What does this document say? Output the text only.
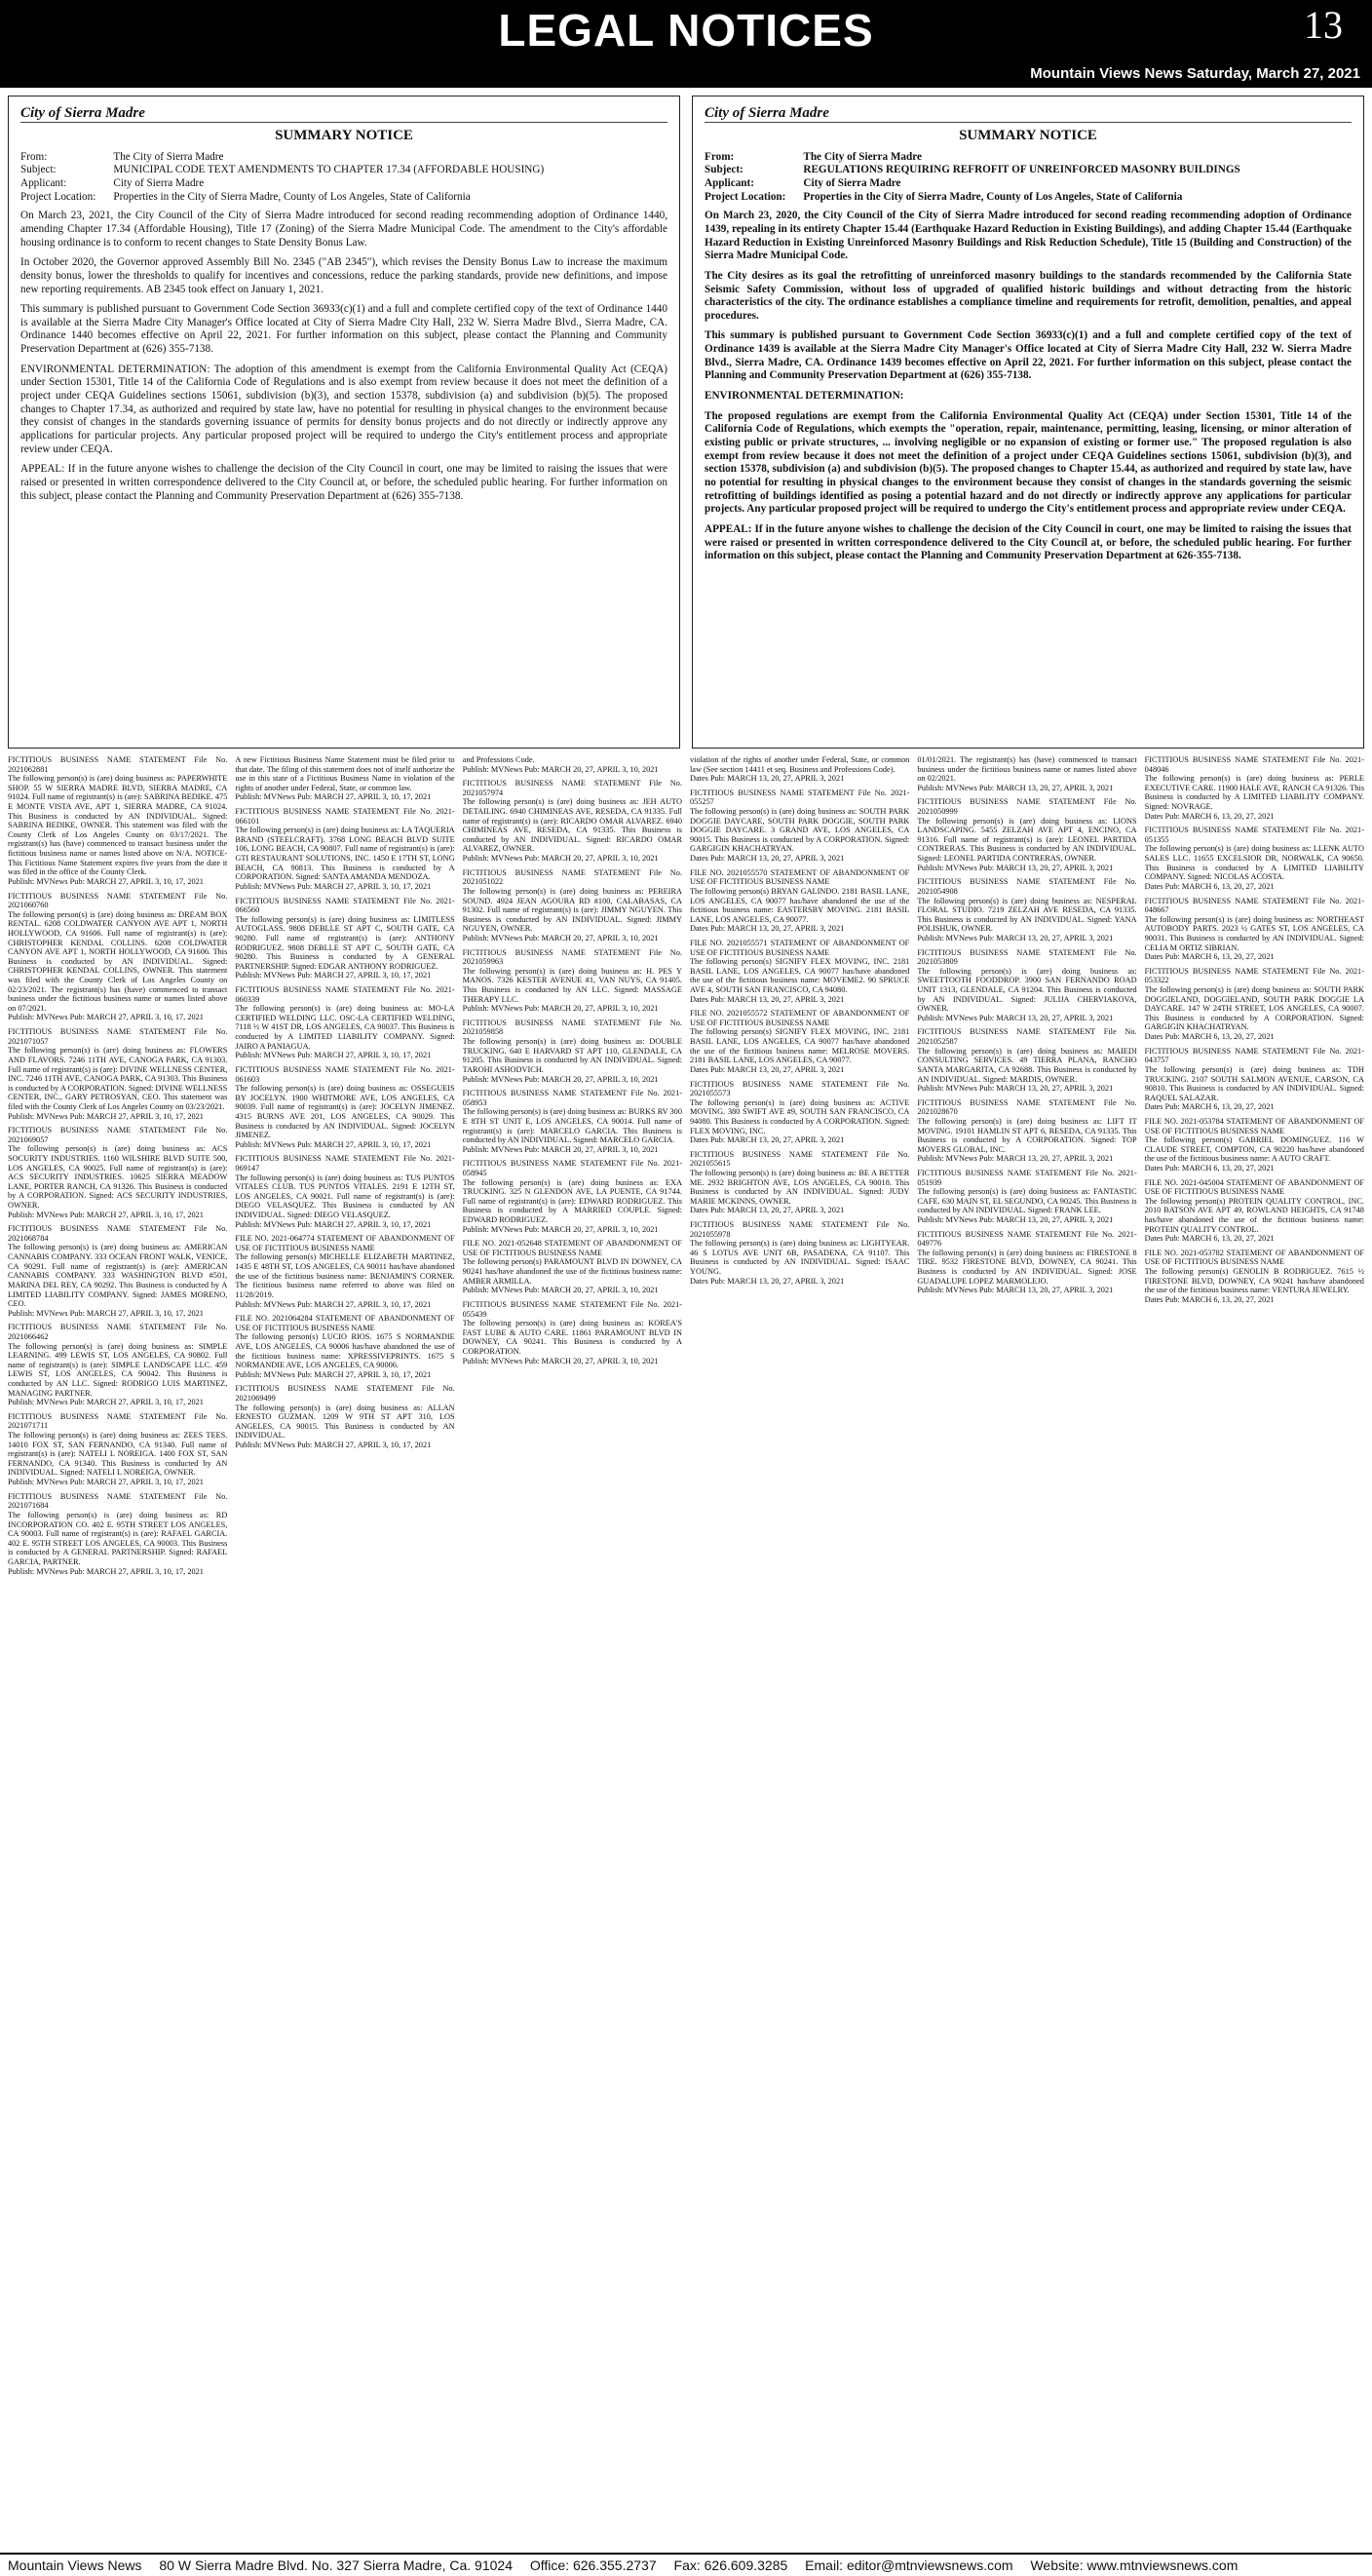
LEGAL NOTICES	13
Mountain Views News Saturday, March 27, 2021
City of Sierra Madre
SUMMARY NOTICE
From:	The City of Sierra Madre
Subject:	MUNICIPAL CODE TEXT AMENDMENTS TO CHAPTER 17.34 (AFFORDABLE HOUSING)
Applicant:	City of Sierra Madre
Project Location:	Properties in the City of Sierra Madre, County of Los Angeles, State of California

On March 23, 2021, the City Council of the City of Sierra Madre introduced for second reading recommending adoption of Ordinance 1440, amending Chapter 17.34 (Affordable Housing), Title 17 (Zoning) of the Sierra Madre Municipal Code. The amendment to the City's affordable housing ordinance is to conform to recent changes to State Density Bonus Law.

In October 2020, the Governor approved Assembly Bill No. 2345 ("AB 2345"), which revises the Density Bonus Law to increase the maximum density bonus, lower the thresholds to qualify for incentives and concessions, reduce the parking standards, provide new definitions, and impose new reporting requirements. AB 2345 took effect on January 1, 2021.

This summary is published pursuant to Government Code Section 36933(c)(1) and a full and complete certified copy of the text of Ordinance 1440 is available at the Sierra Madre City Manager's Office located at City of Sierra Madre City Hall, 232 W. Sierra Madre Blvd., Sierra Madre, CA. Ordinance 1440 becomes effective on April 22, 2021. For further information on this subject, please contact the Planning and Community Preservation Department at (626) 355-7138.

ENVIRONMENTAL DETERMINATION: The adoption of this amendment is exempt from the California Environmental Quality Act (CEQA) under Section 15301, Title 14 of the California Code of Regulations and is also exempt from review because it does not meet the definition of a project under CEQA Guidelines sections 15061, subdivision (b)(3), and section 15378, subdivision (a) and subdivision (b)(5). The proposed changes to Chapter 17.34, as authorized and required by state law, have no potential for resulting in physical changes to the environment because they consist of changes in the standards governing issuance of permits for density bonus projects and do not directly or indirectly approve any applications for particular projects. Any particular proposed project will be required to undergo the City's entitlement process and appropriate review under CEQA.

APPEAL: If in the future anyone wishes to challenge the decision of the City Council in court, one may be limited to raising the issues that were raised or presented in written correspondence delivered to the City Council at, or before, the scheduled public hearing. For further information on this subject, please contact the Planning and Community Preservation Department at (626) 355-7138.

City of Sierra Madre
SUMMARY NOTICE
From:	The City of Sierra Madre
Subject:	REGULATIONS REQUIRING REFROFIT OF UNREINFORCED MASONRY BUILDINGS
Applicant:	City of Sierra Madre
Project Location:	Properties in the City of Sierra Madre, County of Los Angeles, State of California

On March 23, 2020, the City Council of the City of Sierra Madre introduced for second reading recommending adoption of Ordinance 1439, repealing in its entirety Chapter 15.44 (Earthquake Hazard Reduction in Existing Buildings), and adding Chapter 15.44 (Earthquake Hazard Reduction in Existing Unreinforced Masonry Buildings and Risk Reduction Schedule), Title 15 (Building and Construction) of the Sierra Madre Municipal Code.

The City desires as its goal the retrofitting of unreinforced masonry buildings to the standards recommended by the California State Seismic Safety Commission, without loss of upgraded of qualified historic buildings and without detracting from the historic characteristics of the city. The ordinance establishes a compliance timeline and requirements for retrofit, demolition, penalties, and appeal procedures.

This summary is published pursuant to Government Code Section 36933(c)(1) and a full and complete certified copy of the text of Ordinance 1439 is available at the Sierra Madre City Manager's Office located at City of Sierra Madre City Hall, 232 W. Sierra Madre Blvd., Sierra Madre, CA. Ordinance 1439 becomes effective on April 22, 2021. For further information on this subject, please contact the Planning and Community Preservation Department at (626) 355-7138.

ENVIRONMENTAL DETERMINATION:

The proposed regulations are exempt from the California Environmental Quality Act (CEQA) under Section 15301, Title 14 of the California Code of Regulations, which exempts the "operation, repair, maintenance, permitting, leasing, licensing, or minor alteration of existing public or private structures, ... involving negligible or no expansion of existing or former use." The proposed regulation is also exempt from review because it does not meet the definition of a project under CEQA Guidelines sections 15061, subdivision (b)(3), and section 15378, subdivision (a) and subdivision (b)(5). The proposed changes to Chapter 15.44, as authorized and required by state law, have no potential for resulting in physical changes to the environment because they consist of changes in the standards governing the seismic retrofitting of buildings identified as posing a potential hazard and do not directly or indirectly approve any applications for particular projects. Any particular proposed project will be required to undergo the City's entitlement process and appropriate review under CEQA.

APPEAL: If in the future anyone wishes to challenge the decision of the City Council in court, one may be limited to raising the issues that were raised or presented in written correspondence delivered to the City Council at, or before, the scheduled public hearing. For further information on this subject, please contact the Planning and Community Preservation Department at 626-355-7138.

FICTITIOUS BUSINESS NAME STATEMENT File No. 2021062881
The following person(s) is (are) doing business as: PAPERWHITE SHOP. 55 W SIERRA MADRE BLVD, SIERRA MADRE, CA 91024. Full name of registrant(s) is (are): SABRINA BEDIKE. 475 E MONTE VISTA AVE, APT 1, SIERRA MADRE, CA 91024. This Business is conducted by AN INDIVIDUAL. Signed: SABRINA BEDIKE, OWNER. This statement was filed with the County Clerk of Los Angeles County on 03/17/2021. The registrant(s) has (have) commenced to transact business under the fictitious business name or names listed above on N/A. NOTICE- This Fictitious Name Statement expires five years from the date it was filed in the office of the County Clerk.
Publish: MVNews Pub: MARCH 27, APRIL 3, 10, 17, 2021
FICTITIOUS BUSINESS NAME STATEMENT File No. 2021060760
The following person(s) is (are) doing business as: DREAM BOX RENTAL. 6208 COLDWATER CANYON AVE APT 1, NORTH HOLLYWOOD, CA 91606. Full name of registrant(s) is (are): CHRISTOPHER KENDAL COLLINS. 6208 COLDWATER CANYON AVE APT 1, NORTH HOLLYWOOD, CA 91606. This Business is conducted by AN INDIVIDUAL. Signed: CHRISTOPHER KENDAL COLLINS, OWNER. This statement was filed with the County Clerk of Los Angeles County on 02/23/2021. The registrant(s) has (have) commenced to transact business under the fictitious business name or names listed above on 07/2021.
Publish: MVNews Pub: MARCH 27, APRIL 3, 10, 17, 2021
FICTITIOUS BUSINESS NAME STATEMENT File No. 2021071057
The following person(s) is (are) doing business as: FLOWERS AND FLAVORS. 7246 11TH AVE, CANOGA PARK, CA 91303. Full name of registrant(s) is (are): DIVINE WELLNESS CENTER, INC. 7246 11TH AVE, CANOGA PARK, CA 91303. This Business is conducted by A CORPORATION. Signed: DIVINE WELLNESS CENTER, INC., GARY PETROSYAN, CEO. This statement was filed with the County Clerk of Los Angeles County on 03/23/2021.
Publish: MVNews Pub: MARCH 27, APRIL 3, 10, 17, 2021
FICTITIOUS BUSINESS NAME STATEMENT File No. 2021069057
The following person(s) is (are) doing business as: ACS SOCURITY INDUSTRIES. 1160 WILSHIRE BLVD SUITE 500, LOS ANGELES, CA 90025. Full name of registrant(s) is (are): ACS SECURITY INDUSTRIES. 10625 SIERRA MEADOW LANE, PORTER RANCH, CA 91326. This Business is conducted by A CORPORATION. Signed: ACS SECURITY INDUSTRIES, OWNER.
Publish: MVNews Pub: MARCH 27, APRIL 3, 10, 17, 2021
FICTITIOUS BUSINESS NAME STATEMENT File No. 2021068784
The following person(s) is (are) doing business as: AMERICAN CANNABIS COMPANY. 333 OCEAN FRONT WALK, VENICE, CA 90291. Full name of registrant(s) is (are): AMERICAN CANNABIS COMPANY. 333 WASHINGTON BLVD #501, MARINA DEL REY, CA 90292. This Business is conducted by A LIMITED LIABILITY COMPANY. Signed: JAMES MORENO, CEO.
Publish: MVNews Pub: MARCH 27, APRIL 3, 10, 17, 2021
FICTITIOUS BUSINESS NAME STATEMENT File No. 2021066462
The following person(s) is (are) doing business as: SIMPLE LEARNING. 499 LEWIS ST, LOS ANGELES, CA 90802. Full name of registrant(s) is (are): SIMPLE LANDSCAPE LLC. 459 LEWIS ST, LOS ANGELES, CA 90042. This Business is conducted by AN LLC. Signed: RODRIGO LUIS MARTINEZ, MANAGING PARTNER.
Publish: MVNews Pub: MARCH 27, APRIL 3, 10, 17, 2021
FICTITIOUS BUSINESS NAME STATEMENT File No. 2021071711
The following person(s) is (are) doing business as: ZEES TEES. 14010 FOX ST, SAN FERNANDO, CA 91340. Full name of registrant(s) is (are): NATELI L NOREIGA. 1400 FOX ST, SAN FERNANDO, CA 91340. This Business is conducted by AN INDIVIDUAL. Signed: NATELI L NOREIGA, OWNER.
Publish: MVNews Pub: MARCH 27, APRIL 3, 10, 17, 2021
FICTITIOUS BUSINESS NAME STATEMENT File No. 2021071684
The following person(s) is (are) doing business as: RD INCORPORATION CO. 402 E. 95TH STREET LOS ANGELES, CA 90003. Full name of registrant(s) is (are): RAFAEL GARCIA. 402 E. 95TH STREET LOS ANGELES, CA 90003. This Business is conducted by A GENERAL PARTNERSHIP. Signed: RAFAEL GARCIA, PARTNER.
Publish: MVNews Pub: MARCH 27, APRIL 3, 10, 17, 2021
A new Fictitious Business Name Statement must be filed prior to that date. The filing of this statement does not of itself authorize the use in this state of a Fictitious Business Name in violation of the rights of another under Federal, State, or common law.
Publish: MVNews Pub: MARCH 27, APRIL 3, 10, 17, 2021
FICTITIOUS BUSINESS NAME STATEMENT File No. 2021-066101
The following person(s) is (are) doing business as: LA TAQUERIA BRAND (STEELCRAFT). 3768 LONG BEACH BLVD SUITE 106, LONG BEACH, CA 90807. Full name of registrant(s) is (are): GTI RESTAURANT SOLUTIONS, INC. 1450 E 17TH ST, LONG BEACH, CA 90813. This Business is conducted by A CORPORATION. Signed: SANTA AMANDA MENDOZA.
Publish: MVNews Pub: MARCH 27, APRIL 3, 10, 17, 2021
FICTITIOUS BUSINESS NAME STATEMENT File No. 2021-066560
The following person(s) is (are) doing business as: LIMITLESS AUTOGLASS. 9808 DEBLLE ST APT C, SOUTH GATE, CA 90280. Full name of registrant(s) is (are): ANTHONY RODRIGUEZ. 9808 DEBLLE ST APT C, SOUTH GATE, CA 90280. This Business is conducted by A GENERAL PARTNERSHIP. Signed: EDGAR ANTHONY RODRIGUEZ.
Publish: MVNews Pub: MARCH 27, APRIL 3, 10, 17, 2021
FICTITIOUS BUSINESS NAME STATEMENT File No. 2021-060339
The following person(s) is (are) doing business as: MO-LA CERTIFIED WELDING LLC. OSC-LA CERTIFIED WELDING, 7118 ½ W 41ST DR, LOS ANGELES, CA 90037. This Business is conducted by A LIMITED LIABILITY COMPANY. Signed: JAIRO A PANIAGUA.
Publish: MVNews Pub: MARCH 27, APRIL 3, 10, 17, 2021
FICTITIOUS BUSINESS NAME STATEMENT File No. 2021-061603
The following person(s) is (are) doing business as: OSSEGUEIS BY JOCELYN. 1900 WHITMORE AVE, LOS ANGELES, CA 90039. Full name of registrant(s) is (are): JOCELYN JIMENEZ. 4315 BURNS AVE 201, LOS ANGELES, CA 90029. This Business is conducted by AN INDIVIDUAL. Signed: JOCELYN JIMENEZ.
Publish: MVNews Pub: MARCH 27, APRIL 3, 10, 17, 2021
FICTITIOUS BUSINESS NAME STATEMENT File No. 2021-069147
The following person(s) is (are) doing business as: TUS PUNTOS VITALES CLUB. TUS PUNTOS VITALES. 2191 E 12TH ST, LOS ANGELES, CA 90021. Full name of registrant(s) is (are): DIEGO VELASQUEZ. This Business is conducted by AN INDIVIDUAL. Signed: DIEGO VELASQUEZ.
Publish: MVNews Pub: MARCH 27, APRIL 3, 10, 17, 2021
FILE NO. 2021-064774 STATEMENT OF ABANDONMENT OF USE OF FICTITIOUS BUSINESS NAME
The following person(s) MICHELLE ELIZABETH MARTINEZ, 1435 E 48TH ST, LOS ANGELES, CA 90011 has/have abandoned the use of the fictitious business name: BENJAMIN'S CORNER. The fictitious business name referred to above was filed on 11/28/2019.
Publish: MVNews Pub: MARCH 27, APRIL 3, 10, 17, 2021
FILE NO. 2021064284 STATEMENT OF ABANDONMENT OF USE OF FICTITIOUS BUSINESS NAME
The following person(s) LUCIO RIOS. 1675 S NORMANDIE AVE, LOS ANGELES, CA 90006 has/have abandoned the use of the fictitious business name: XPRESSIVEPRINTS. 1675 S NORMANDIE AVE, LOS ANGELES, CA 90006.
Publish: MVNews Pub: MARCH 27, APRIL 3, 10, 17, 2021
FICTITIOUS BUSINESS NAME STATEMENT File No. 2021069499
The following person(s) is (are) doing business as: ALLAN ERNESTO GUZMAN. 1209 W 9TH ST APT 310, LOS ANGELES, CA 90015. This Business is conducted by AN INDIVIDUAL.
Publish: MVNews Pub: MARCH 27, APRIL 3, 10, 17, 2021
and Professions Code.
Publish: MVNews Pub: MARCH 20, 27, APRIL 3, 10, 2021
FICTITIOUS BUSINESS NAME STATEMENT File No. 2021057974
The following person(s) is (are) doing business as: JEH AUTO DETAILING. 6940 CHIMINEAS AVE, RESEDA, CA 91335. Full name of registrant(s) is (are): RICARDO OMAR ALVAREZ. 6940 CHIMINEAS AVE, RESEDA, CA 91335. This Business is conducted by AN INDIVIDUAL. Signed: RICARDO OMAR ALVAREZ, OWNER.
Publish: MVNews Pub: MARCH 20, 27, APRIL 3, 10, 2021
FICTITIOUS BUSINESS NAME STATEMENT File No. 2021051022
The following person(s) is (are) doing business as: PEREIRA SOUND. 4924 JEAN AGOURA RD #100, CALABASAS, CA 91302. Full name of registrant(s) is (are): JIMMY NGUYEN. This Business is conducted by AN INDIVIDUAL. Signed: JIMMY NGUYEN, OWNER.
Publish: MVNews Pub: MARCH 20, 27, APRIL 3, 10, 2021
FICTITIOUS BUSINESS NAME STATEMENT File No. 2021059963
The following person(s) is (are) doing business as: H. PES Y MANOS. 7326 KESTER AVENUE #1, VAN NUYS, CA 91405. This Business is conducted by AN LLC. Signed: MASSAGE THERAPY LLC.
Publish: MVNews Pub: MARCH 20, 27, APRIL 3, 10, 2021
FICTITIOUS BUSINESS NAME STATEMENT File No. 2021059858
The following person(s) is (are) doing business as: DOUBLE TRUCKING. 640 E HARVARD ST APT 110, GLENDALE, CA 91205. This Business is conducted by AN INDIVIDUAL. Signed: TAROHI ASHODVICH.
Publish: MVNews Pub: MARCH 20, 27, APRIL 3, 10, 2021
FICTITIOUS BUSINESS NAME STATEMENT File No. 2021-058953
The following person(s) is (are) doing business as: BURKS RV 300 E 8TH ST UNIT E, LOS ANGELES, CA 90014. Full name of registrant(s) is (are): MARCELO GARCIA. This Business is conducted by AN INDIVIDUAL. Signed: MARCELO GARCIA.
Publish: MVNews Pub: MARCH 20, 27, APRIL 3, 10, 2021
FICTITIOUS BUSINESS NAME STATEMENT File No. 2021-058945
The following person(s) is (are) doing business as: EXA TRUCKING. 325 N GLENDON AVE, LA PUENTE, CA 91744. Full name of registrant(s) is (are): EDWARD RODRIGUEZ. This Business is conducted by A MARRIED COUPLE. Signed: EDWARD RODRIGUEZ.
Publish: MVNews Pub: MARCH 20, 27, APRIL 3, 10, 2021
FILE NO. 2021-052648 STATEMENT OF ABANDONMENT OF USE OF FICTITIOUS BUSINESS NAME
The following person(s) PARAMOUNT BLVD IN DOWNEY, CA 90241 has/have abandoned the use of the fictitious business name: AMBER ARMILLA.
Publish: MVNews Pub: MARCH 20, 27, APRIL 3, 10, 2021
FICTITIOUS BUSINESS NAME STATEMENT File No. 2021-055439
The following person(s) is (are) doing business as: KOREA'S FAST LUBE & AUTO CARE. 11861 PARAMOUNT BLVD IN DOWNEY, CA 90241. This Business is conducted by A CORPORATION.
Publish: MVNews Pub: MARCH 20, 27, APRIL 3, 10, 2021
violation of the rights of another under Federal, State, or common law (See section 14411 et seq. Business and Professions Code).
Dates Pub: MARCH 13, 20, 27, APRIL 3, 2021
FICTITIOUS BUSINESS NAME STATEMENT File No. 2021-055257
The following person(s) is (are) doing business as: SOUTH PARK DOGGIE DAYCARE, SOUTH PARK DOGGIE, SOUTH PARK DOGGIE DAYCARE. 3 GRAND AVE, LOS ANGELES, CA 90015. This Business is conducted by A CORPORATION. Signed: GARGIGIN KHACHATRYAN.
Dates Pub: MARCH 13, 20, 27, APRIL 3, 2021
FILE NO. 2021055570 STATEMENT OF ABANDONMENT OF USE OF FICTITIOUS BUSINESS NAME
The following person(s) BRYAN GALINDO. 2181 BASIL LANE, LOS ANGELES, CA 90077 has/have abandoned the use of the fictitious business name: EASTERSBY MOVING. 2181 BASIL LANE, LOS ANGELES, CA 90077.
Dates Pub: MARCH 13, 20, 27, APRIL 3, 2021
FILE NO. 2021055571 STATEMENT OF ABANDONMENT OF USE OF FICTITIOUS BUSINESS NAME
The following person(s) SIGNIFY FLEX MOVING, INC. 2181 BASIL LANE, LOS ANGELES, CA 90077 has/have abandoned the use of the fictitious business name: MOVEME2. 90 SPRUCE AVE 4, SOUTH SAN FRANCISCO, CA 94080.
Dates Pub: MARCH 13, 20, 27, APRIL 3, 2021
FILE NO. 2021055572 STATEMENT OF ABANDONMENT OF USE OF FICTITIOUS BUSINESS NAME
The following person(s) SIGNIFY FLEX MOVING, INC. 2181 BASIL LANE, LOS ANGELES, CA 90077 has/have abandoned the use of the fictitious business name: MELROSE MOVERS. 2181 BASIL LANE, LOS ANGELES, CA 90077.
Dates Pub: MARCH 13, 20, 27, APRIL 3, 2021
FICTITIOUS BUSINESS NAME STATEMENT File No. 2021055573
The following person(s) is (are) doing business as: ACTIVE MOVING. 380 SWIFT AVE #9, SOUTH SAN FRANCISCO, CA 94080. This Business is conducted by A CORPORATION. Signed: FLEX MOVING, INC.
Dates Pub: MARCH 13, 20, 27, APRIL 3, 2021
FICTITIOUS BUSINESS NAME STATEMENT File No. 2021055615
The following person(s) is (are) doing business as: BE A BETTER ME. 2932 BRIGHTON AVE, LOS ANGELES, CA 90018. This Business is conducted by AN INDIVIDUAL. Signed: JUDY MARIE MCKINNS, OWNER.
Dates Pub: MARCH 13, 20, 27, APRIL 3, 2021
FICTITIOUS BUSINESS NAME STATEMENT File No. 2021055978
The following person(s) is (are) doing business as: LIGHTYEAR. 46 S LOTUS AVE UNIT 6B, PASADENA, CA 91107. This Business is conducted by AN INDIVIDUAL. Signed: ISAAC YOUNG.
Dates Pub: MARCH 13, 20, 27, APRIL 3, 2021
01/01/2021. The registrant(s) has (have) commenced to transact business under the fictitious business name or names listed above on 02/2021.
Publish: MVNews Pub: MARCH 13, 20, 27, APRIL 3, 2021
FICTITIOUS BUSINESS NAME STATEMENT File No. 2021050999
The following person(s) is (are) doing business as: LIONS LANDSCAPING. 5455 ZELZAH AVE APT 4, ENCINO, CA 91316. Full name of registrant(s) is (are): LEONEL PARTIDA CONTRERAS. This Business is conducted by AN INDIVIDUAL. Signed: LEONEL PARTIDA CONTRERAS, OWNER.
Publish: MVNews Pub: MARCH 13, 20, 27, APRIL 3, 2021
FICTITIOUS BUSINESS NAME STATEMENT File No. 2021054908
The following person(s) is (are) doing business as: NESPERAL FLORAL STUDIO. 7219 ZELZAH AVE RESEDA, CA 91335. This Business is conducted by AN INDIVIDUAL. Signed: YANA POLISHUK, OWNER.
Publish: MVNews Pub: MARCH 13, 20, 27, APRIL 3, 2021
FICTITIOUS BUSINESS NAME STATEMENT File No. 2021053809
The following person(s) is (are) doing business as: SWEETTOOTH FOODDROP. 3900 SAN FERNANDO ROAD UNIT 1313, GLENDALE, CA 91204. This Business is conducted by AN INDIVIDUAL. Signed: JULIJA CHERVIAKOVA, OWNER.
Publish: MVNews Pub: MARCH 13, 20, 27, APRIL 3, 2021
FICTITIOUS BUSINESS NAME STATEMENT File No. 2021052587
The following person(s) is (are) doing business as: MAIEDI CONSULTING SERVICES. 49 TIERRA PLANA, RANCHO SANTA MARGARITA, CA 92688. This Business is conducted by AN INDIVIDUAL. Signed: MARDIS, OWNER.
Publish: MVNews Pub: MARCH 13, 20, 27, APRIL 3, 2021
FICTITIOUS BUSINESS NAME STATEMENT File No. 2021028670
The following person(s) is (are) doing business as: LIFT IT MOVING. 19101 HAMLIN ST APT 6, RESEDA, CA 91335. This Business is conducted by A CORPORATION. Signed: TOP MOVERS GLOBAL, INC.
Publish: MVNews Pub: MARCH 13, 20, 27, APRIL 3, 2021
FICTITIOUS BUSINESS NAME STATEMENT File No. 2021-051939
The following person(s) is (are) doing business as: FANTASTIC CAFE. 630 MAIN ST, EL SEGUNDO, CA 90245. This Business is conducted by AN INDIVIDUAL. Signed: FRANK LEE.
Publish: MVNews Pub: MARCH 13, 20, 27, APRIL 3, 2021
FICTITIOUS BUSINESS NAME STATEMENT File No. 2021-049776
The following person(s) is (are) doing business as: FIRESTONE 8 TIRE. 9532 FIRESTONE BLVD, DOWNEY, CA 90241. This Business is conducted by AN INDIVIDUAL. Signed: JOSE GUADALUPE LOPEZ MARMOLEJO.
Publish: MVNews Pub: MARCH 13, 20, 27, APRIL 3, 2021
FICTITIOUS BUSINESS NAME STATEMENT File No. 2021-048046
The following person(s) is (are) doing business as: PERLE EXECUTIVE CARE. 11900 HALE AVE, RANCH CA 91326. This Business is conducted by A LIMITED LIABILITY COMPANY. Signed: NOVRAGE.
Dates Pub: MARCH 6, 13, 20, 27, 2021
FICTITIOUS BUSINESS NAME STATEMENT File No. 2021-051355
The following person(s) is (are) doing business as: LLENK AUTO SALES LLC. 11655 EXCELSIOR DR, NORWALK, CA 90650. This Business is conducted by A LIMITED LIABILITY COMPANY. Signed: NICOLAS ACOSTA.
Dates Pub: MARCH 6, 13, 20, 27, 2021
FICTITIOUS BUSINESS NAME STATEMENT File No. 2021-048667
The following person(s) is (are) doing business as: NORTHEAST AUTOBODY PARTS. 2023 ½ GATES ST, LOS ANGELES, CA 90031. This Business is conducted by AN INDIVIDUAL. Signed: CELIA M ORTIZ SIBRIAN.
Dates Pub: MARCH 6, 13, 20, 27, 2021
FICTITIOUS BUSINESS NAME STATEMENT File No. 2021-053322
The following person(s) is (are) doing business as: SOUTH PARK DOGGIELAND, DOGGIELAND, SOUTH PARK DOGGIE LA DAYCARE. 147 W 24TH STREET, LOS ANGELES, CA 90007. This Business is conducted by A CORPORATION. Signed: GARGIGIN KHACHATRYAN.
Dates Pub: MARCH 6, 13, 20, 27, 2021
FICTITIOUS BUSINESS NAME STATEMENT File No. 2021-043757
The following person(s) is (are) doing business as: TDH TRUCKING. 2107 SOUTH SALMON AVENUE, CARSON, CA 90810. This Business is conducted by AN INDIVIDUAL. Signed: RAQUEL SALAZAR.
Dates Pub: MARCH 6, 13, 20, 27, 2021
FILE NO. 2021-053784 STATEMENT OF ABANDONMENT OF USE OF FICTITIOUS BUSINESS NAME
The following person(s) GABRIEL DOMINGUEZ. 116 W CLAUDE STREET, COMPTON, CA 90220 has/have abandoned the use of the fictitious business name: A AUTO CRAFT.
Dates Pub: MARCH 6, 13, 20, 27, 2021
FILE NO. 2021-045004 STATEMENT OF ABANDONMENT OF USE OF FICTITIOUS BUSINESS NAME
The following person(s) PROTEIN QUALITY CONTROL, INC. 2010 BATSON AVE APT 49, ROWLAND HEIGHTS, CA 91748 has/have abandoned the use of the fictitious business name: PROTEIN QUALITY CONTROL.
Dates Pub: MARCH 6, 13, 20, 27, 2021
FILE NO. 2021-053782 STATEMENT OF ABANDONMENT OF USE OF FICTITIOUS BUSINESS NAME
The following person(s) GENOLIN B RODRIGUEZ. 7615 ½ FIRESTONE BLVD, DOWNEY, CA 90241 has/have abandoned the use of the fictitious business name: VENTURA JEWELRY.
Dates Pub: MARCH 6, 13, 20, 27, 2021
Mountain Views News 80 W Sierra Madre Blvd. No. 327 Sierra Madre, Ca. 91024 Office: 626.355.2737 Fax: 626.609.3285 Email: editor@mtnviewsnews.com Website: www.mtnviewsnews.com
